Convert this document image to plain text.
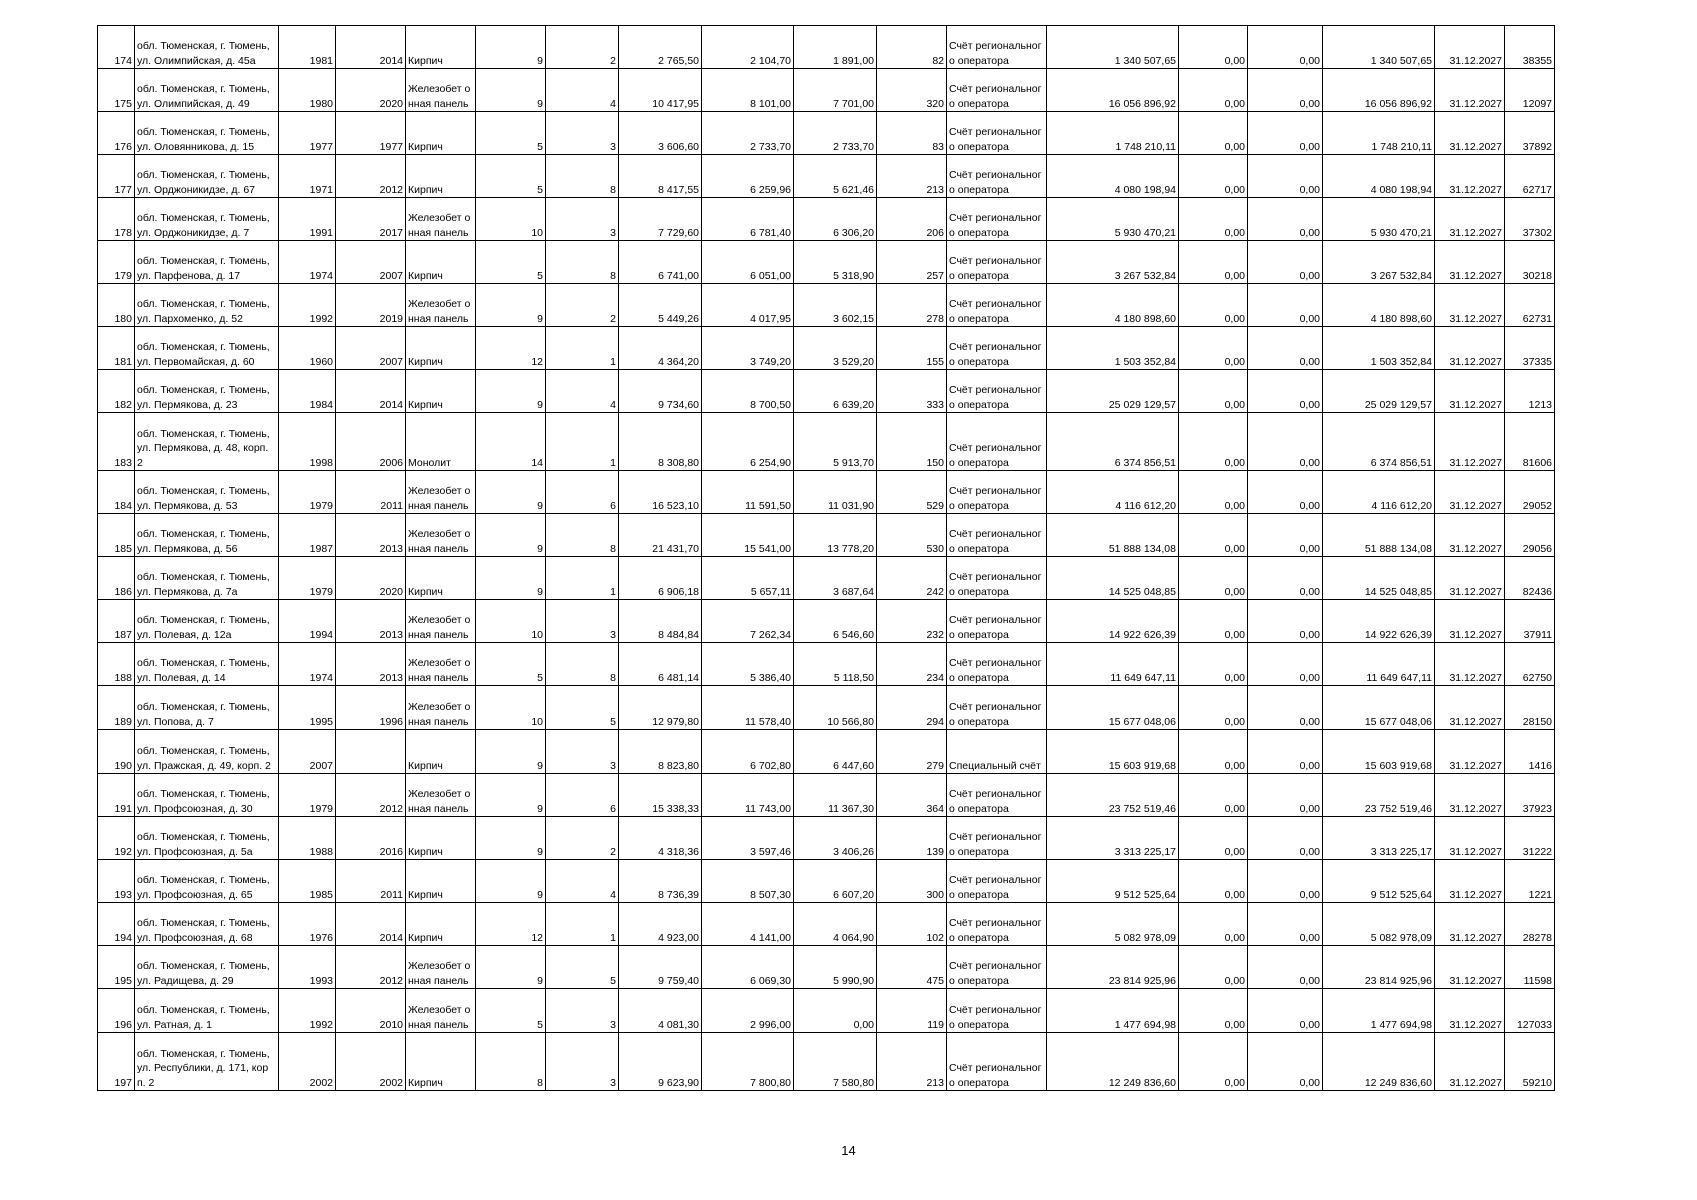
174	обл. Тюменская, г. Тюмень, ул. Олимпийская, д. 45а	1981	2014	Кирпич	9	2	2 765,50	2 104,70	1 891,00	82	Счёт регионального оператора	1 340 507,65	0,00	0,00	1 340 507,65	31.12.2027	38355
175	обл. Тюменская, г. Тюмень, ул. Олимпийская, д. 49	1980	2020	Железобет онная панель	9	4	10 417,95	8 101,00	7 701,00	320	Счёт регионального оператора	16 056 896,92	0,00	0,00	16 056 896,92	31.12.2027	12097
176	обл. Тюменская, г. Тюмень, ул. Оловянникова, д. 15	1977	1977	Кирпич	5	3	3 606,60	2 733,70	2 733,70	83	Счёт регионального оператора	1 748 210,11	0,00	0,00	1 748 210,11	31.12.2027	37892
177	обл. Тюменская, г. Тюмень, ул. Орджоникидзе, д. 67	1971	2012	Кирпич	5	8	8 417,55	6 259,96	5 621,46	213	Счёт регионального оператора	4 080 198,94	0,00	0,00	4 080 198,94	31.12.2027	62717
178	обл. Тюменская, г. Тюмень, ул. Орджоникидзе, д. 7	1991	2017	Железобет онная панель	10	3	7 729,60	6 781,40	6 306,20	206	Счёт регионального оператора	5 930 470,21	0,00	0,00	5 930 470,21	31.12.2027	37302
179	обл. Тюменская, г. Тюмень, ул. Парфенова, д. 17	1974	2007	Кирпич	5	8	6 741,00	6 051,00	5 318,90	257	Счёт регионального оператора	3 267 532,84	0,00	0,00	3 267 532,84	31.12.2027	30218
180	обл. Тюменская, г. Тюмень, ул. Пархоменко, д. 52	1992	2019	Железобет онная панель	9	2	5 449,26	4 017,95	3 602,15	278	Счёт регионального оператора	4 180 898,60	0,00	0,00	4 180 898,60	31.12.2027	62731
181	обл. Тюменская, г. Тюмень, ул. Первомайская, д. 60	1960	2007	Кирпич	12	1	4 364,20	3 749,20	3 529,20	155	Счёт регионального оператора	1 503 352,84	0,00	0,00	1 503 352,84	31.12.2027	37335
182	обл. Тюменская, г. Тюмень, ул. Пермякова, д. 23	1984	2014	Кирпич	9	4	9 734,60	8 700,50	6 639,20	333	Счёт регионального оператора	25 029 129,57	0,00	0,00	25 029 129,57	31.12.2027	1213
183	обл. Тюменская, г. Тюмень, ул. Пермякова, д. 48, корп. 2	1998	2006	Монолит	14	1	8 308,80	6 254,90	5 913,70	150	Счёт регионального оператора	6 374 856,51	0,00	0,00	6 374 856,51	31.12.2027	81606
184	обл. Тюменская, г. Тюмень, ул. Пермякова, д. 53	1979	2011	Железобет онная панель	9	6	16 523,10	11 591,50	11 031,90	529	Счёт регионального оператора	4 116 612,20	0,00	0,00	4 116 612,20	31.12.2027	29052
185	обл. Тюменская, г. Тюмень, ул. Пермякова, д. 56	1987	2013	Железобет онная панель	9	8	21 431,70	15 541,00	13 778,20	530	Счёт регионального оператора	51 888 134,08	0,00	0,00	51 888 134,08	31.12.2027	29056
186	обл. Тюменская, г. Тюмень, ул. Пермякова, д. 7а	1979	2020	Кирпич	9	1	6 906,18	5 657,11	3 687,64	242	Счёт регионального оператора	14 525 048,85	0,00	0,00	14 525 048,85	31.12.2027	82436
187	обл. Тюменская, г. Тюмень, ул. Полевая, д. 12а	1994	2013	Железобет онная панель	10	3	8 484,84	7 262,34	6 546,60	232	Счёт регионального оператора	14 922 626,39	0,00	0,00	14 922 626,39	31.12.2027	37911
188	обл. Тюменская, г. Тюмень, ул. Полевая, д. 14	1974	2013	Железобет онная панель	5	8	6 481,14	5 386,40	5 118,50	234	Счёт регионального оператора	11 649 647,11	0,00	0,00	11 649 647,11	31.12.2027	62750
189	обл. Тюменская, г. Тюмень, ул. Попова, д. 7	1995	1996	Железобет онная панель	10	5	12 979,80	11 578,40	10 566,80	294	Счёт регионального оператора	15 677 048,06	0,00	0,00	15 677 048,06	31.12.2027	28150
190	обл. Тюменская, г. Тюмень, ул. Пражская, д. 49, корп. 2	2007		Кирпич	9	3	8 823,80	6 702,80	6 447,60	279	Специальный счёт	15 603 919,68	0,00	0,00	15 603 919,68	31.12.2027	1416
191	обл. Тюменская, г. Тюмень, ул. Профсоюзная, д. 30	1979	2012	Железобет онная панель	9	6	15 338,33	11 743,00	11 367,30	364	Счёт регионального оператора	23 752 519,46	0,00	0,00	23 752 519,46	31.12.2027	37923
192	обл. Тюменская, г. Тюмень, ул. Профсоюзная, д. 5а	1988	2016	Кирпич	9	2	4 318,36	3 597,46	3 406,26	139	Счёт регионального оператора	3 313 225,17	0,00	0,00	3 313 225,17	31.12.2027	31222
193	обл. Тюменская, г. Тюмень, ул. Профсоюзная, д. 65	1985	2011	Кирпич	9	4	8 736,39	8 507,30	6 607,20	300	Счёт регионального оператора	9 512 525,64	0,00	0,00	9 512 525,64	31.12.2027	1221
194	обл. Тюменская, г. Тюмень, ул. Профсоюзная, д. 68	1976	2014	Кирпич	12	1	4 923,00	4 141,00	4 064,90	102	Счёт регионального оператора	5 082 978,09	0,00	0,00	5 082 978,09	31.12.2027	28278
195	обл. Тюменская, г. Тюмень, ул. Радищева, д. 29	1993	2012	Железобет онная панель	9	5	9 759,40	6 069,30	5 990,90	475	Счёт регионального оператора	23 814 925,96	0,00	0,00	23 814 925,96	31.12.2027	11598
196	обл. Тюменская, г. Тюмень, ул. Ратная, д. 1	1992	2010	Железобет онная панель	5	3	4 081,30	2 996,00	0,00	119	Счёт регионального оператора	1 477 694,98	0,00	0,00	1 477 694,98	31.12.2027	127033
197	обл. Тюменская, г. Тюмень, ул. Республики, д. 171, корп. 2	2002	2002	Кирпич	8	3	9 623,90	7 800,80	7 580,80	213	Счёт регионального оператора	12 249 836,60	0,00	0,00	12 249 836,60	31.12.2027	59210
14
